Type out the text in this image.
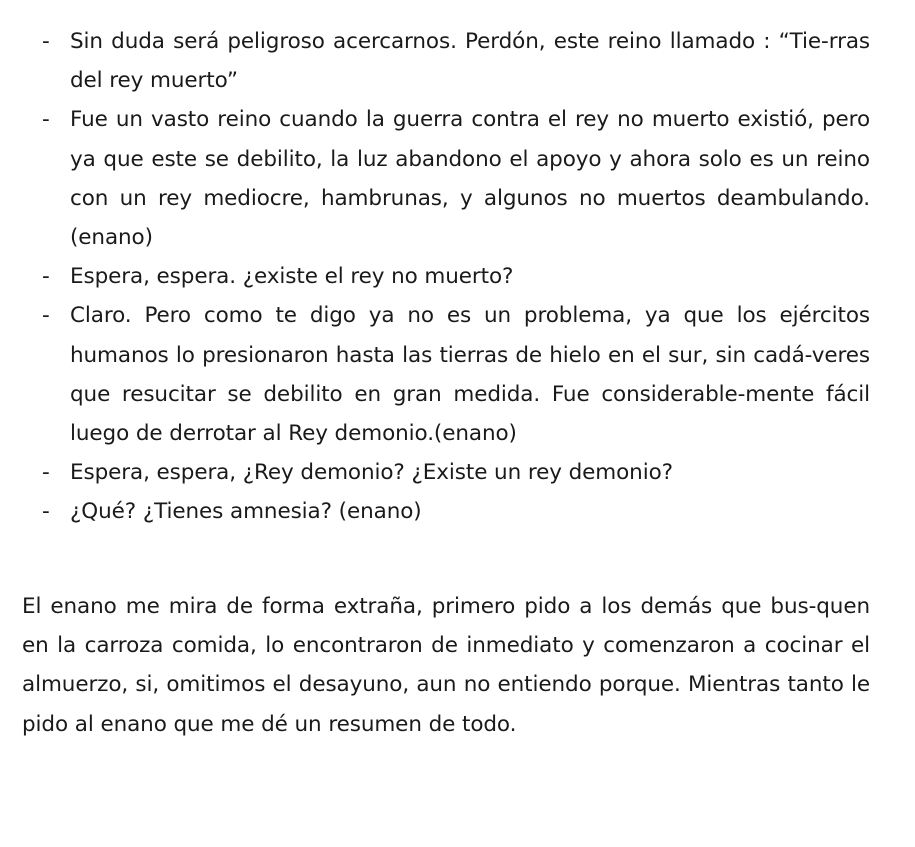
- Sin duda será peligroso acercarnos. Perdón, este reino llamado : “Tie-rras del rey muerto”
- Fue un vasto reino cuando la guerra contra el rey no muerto existió, pero ya que este se debilito, la luz abandono el apoyo y ahora solo es un reino con un rey mediocre, hambrunas, y algunos no muertos deambulando. (enano)
- Espera, espera. ¿existe el rey no muerto?
- Claro. Pero como te digo ya no es un problema, ya que los ejércitos humanos lo presionaron hasta las tierras de hielo en el sur, sin cadá-veres que resucitar se debilito en gran medida. Fue considerable-mente fácil luego de derrotar al Rey demonio.(enano)
- Espera, espera, ¿Rey demonio? ¿Existe un rey demonio?
- ¿Qué? ¿Tienes amnesia? (enano)

El enano me mira de forma extraña, primero pido a los demás que bus-quen en la carroza comida, lo encontraron de inmediato y comenzaron a cocinar el almuerzo, si, omitimos el desayuno, aun no entiendo porque. Mientras tanto le pido al enano que me dé un resumen de todo.
